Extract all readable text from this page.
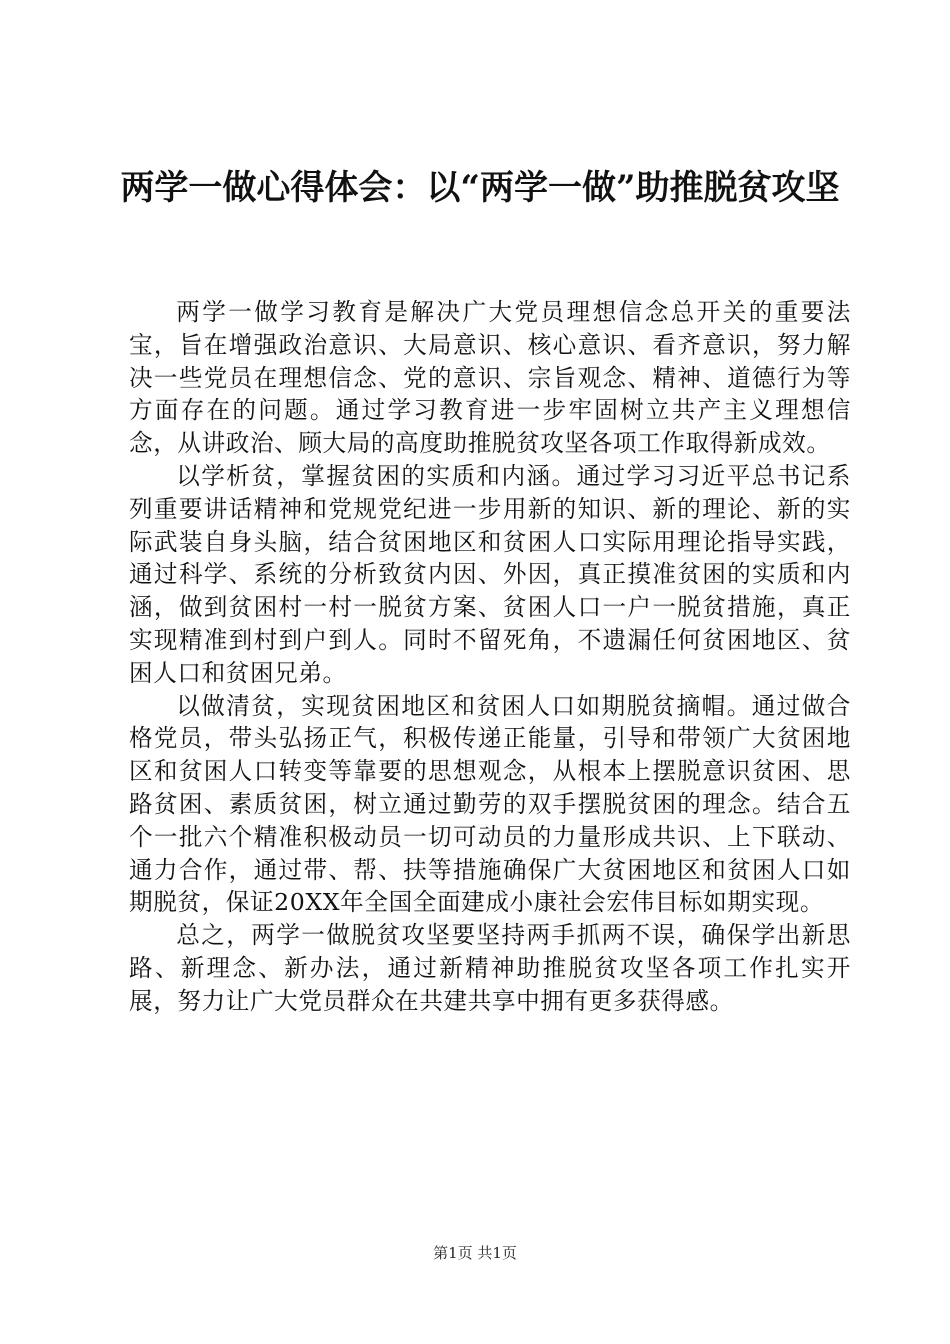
两学一做心得体会：以“两学一做”助推脱贫攻坚

两学一做学习教育是解决广大党员理想信念总开关的重要法宝，旨在增强政治意识、大局意识、核心意识、看齐意识，努力解决一些党员在理想信念、党的意识、宗旨观念、精神、道德行为等方面存在的问题。通过学习教育进一步牢固树立共产主义理想信念，从讲政治、顾大局的高度助推脱贫攻坚各项工作取得新成效。

以学析贫，掌握贫困的实质和内涵。通过学习习近平总书记系列重要讲话精神和党规党纪进一步用新的知识、新的理论、新的实际武装自身头脑，结合贫困地区和贫困人口实际用理论指导实践，通过科学、系统的分析致贫内因、外因，真正摸准贫困的实质和内涵，做到贫困村一村一脱贫方案、贫困人口一户一脱贫措施，真正实现精准到村到户到人。同时不留死角，不遗漏任何贫困地区、贫困人口和贫困兄弟。

以做清贫，实现贫困地区和贫困人口如期脱贫摘帽。通过做合格党员，带头弘扬正气，积极传递正能量，引导和带领广大贫困地区和贫困人口转变等靠要的思想观念，从根本上摆脱意识贫困、思路贫困、素质贫困，树立通过勤劳的双手摆脱贫困的理念。结合五个一批六个精准积极动员一切可动员的力量形成共识、上下联动、通力合作，通过带、帮、扶等措施确保广大贫困地区和贫困人口如期脱贫，保证20XX年全国全面建成小康社会宏伟目标如期实现。

总之，两学一做脱贫攻坚要坚持两手抓两不误，确保学出新思路、新理念、新办法，通过新精神助推脱贫攻坚各项工作扎实开展，努力让广大党员群众在共建共享中拥有更多获得感。

第1页 共1页
